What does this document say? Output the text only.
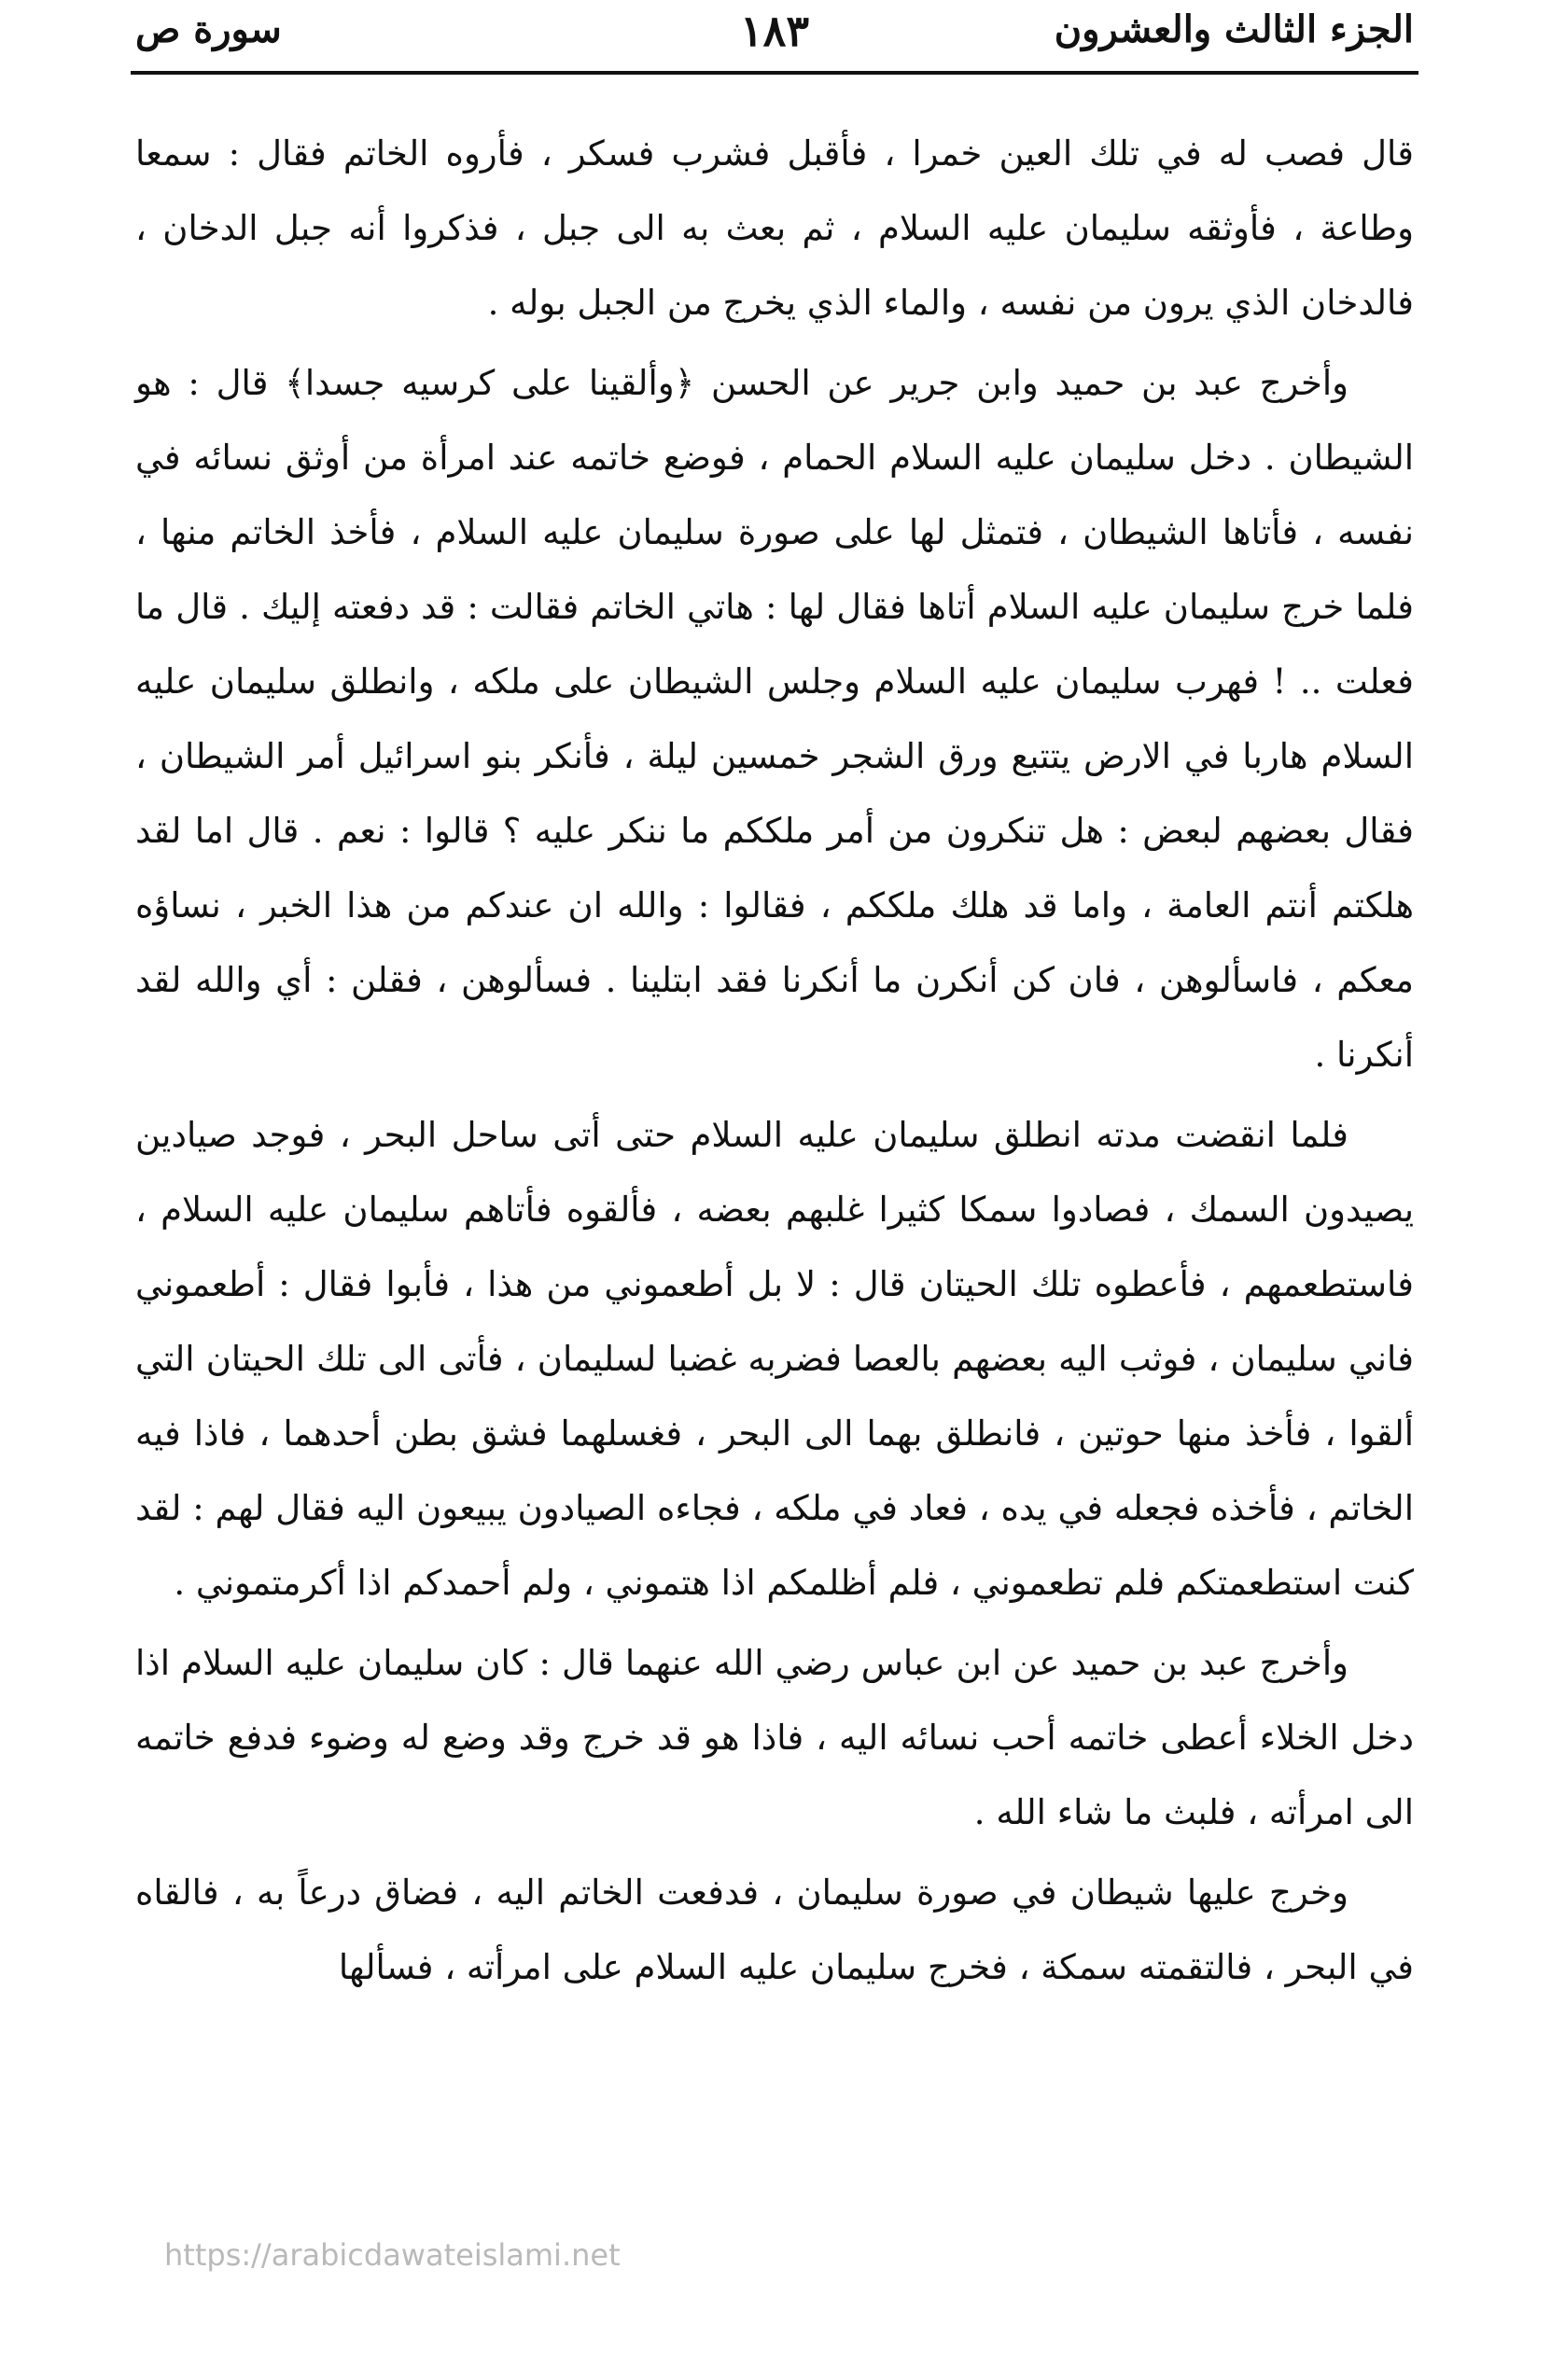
الجزء الثالث والعشرون
١٨٣
سورة ص

قال فصب له في تلك العين خمرا ، فأقبل فشرب فسكر ، فأروه الخاتم فقال : سمعا وطاعة ، فأوثقه سليمان عليه السلام ، ثم بعث به الى جبل ، فذكروا أنه جبل الدخان ، فالدخان الذي يرون من نفسه ، والماء الذي يخرج من الجبل بوله .

وأخرج عبد بن حميد وابن جرير عن الحسن ﴿وألقينا على كرسيه جسدا﴾ قال : هو الشيطان . دخل سليمان عليه السلام الحمام ، فوضع خاتمه عند امرأة من أوثق نسائه في نفسه ، فأتاها الشيطان ، فتمثل لها على صورة سليمان عليه السلام ، فأخذ الخاتم منها ، فلما خرج سليمان عليه السلام أتاها فقال لها : هاتي الخاتم فقالت : قد دفعته إليك . قال ما فعلت .. ! فهرب سليمان عليه السلام وجلس الشيطان على ملكه ، وانطلق سليمان عليه السلام هاربا في الارض يتتبع ورق الشجر خمسين ليلة ، فأنكر بنو اسرائيل أمر الشيطان ، فقال بعضهم لبعض : هل تنكرون من أمر ملككم ما ننكر عليه ؟ قالوا : نعم . قال اما لقد هلكتم أنتم العامة ، واما قد هلك ملككم ، فقالوا : والله ان عندكم من هذا الخبر ، نساؤه معكم ، فاسألوهن ، فان كن أنكرن ما أنكرنا فقد ابتلينا . فسألوهن ، فقلن : أي والله لقد أنكرنا .

فلما انقضت مدته انطلق سليمان عليه السلام حتى أتى ساحل البحر ، فوجد صيادين يصيدون السمك ، فصادوا سمكا كثيرا غلبهم بعضه ، فألقوه فأتاهم سليمان عليه السلام ، فاستطعمهم ، فأعطوه تلك الحيتان قال : لا بل أطعموني من هذا ، فأبوا فقال : أطعموني فاني سليمان ، فوثب اليه بعضهم بالعصا فضربه غضبا لسليمان ، فأتى الى تلك الحيتان التي ألقوا ، فأخذ منها حوتين ، فانطلق بهما الى البحر ، فغسلهما فشق بطن أحدهما ، فاذا فيه الخاتم ، فأخذه فجعله في يده ، فعاد في ملكه ، فجاءه الصيادون يبيعون اليه فقال لهم : لقد كنت استطعمتكم فلم تطعموني ، فلم أظلمكم اذا هتموني ، ولم أحمدكم اذا أكرمتموني .

وأخرج عبد بن حميد عن ابن عباس رضي الله عنهما قال : كان سليمان عليه السلام اذا دخل الخلاء أعطى خاتمه أحب نسائه اليه ، فاذا هو قد خرج وقد وضع له وضوء فدفع خاتمه الى امرأته ، فلبث ما شاء الله .

وخرج عليها شيطان في صورة سليمان ، فدفعت الخاتم اليه ، فضاق درعاً به ، فالقاه في البحر ، فالتقمته سمكة ، فخرج سليمان عليه السلام على امرأته ، فسألها

https://arabicdawateislami.net
